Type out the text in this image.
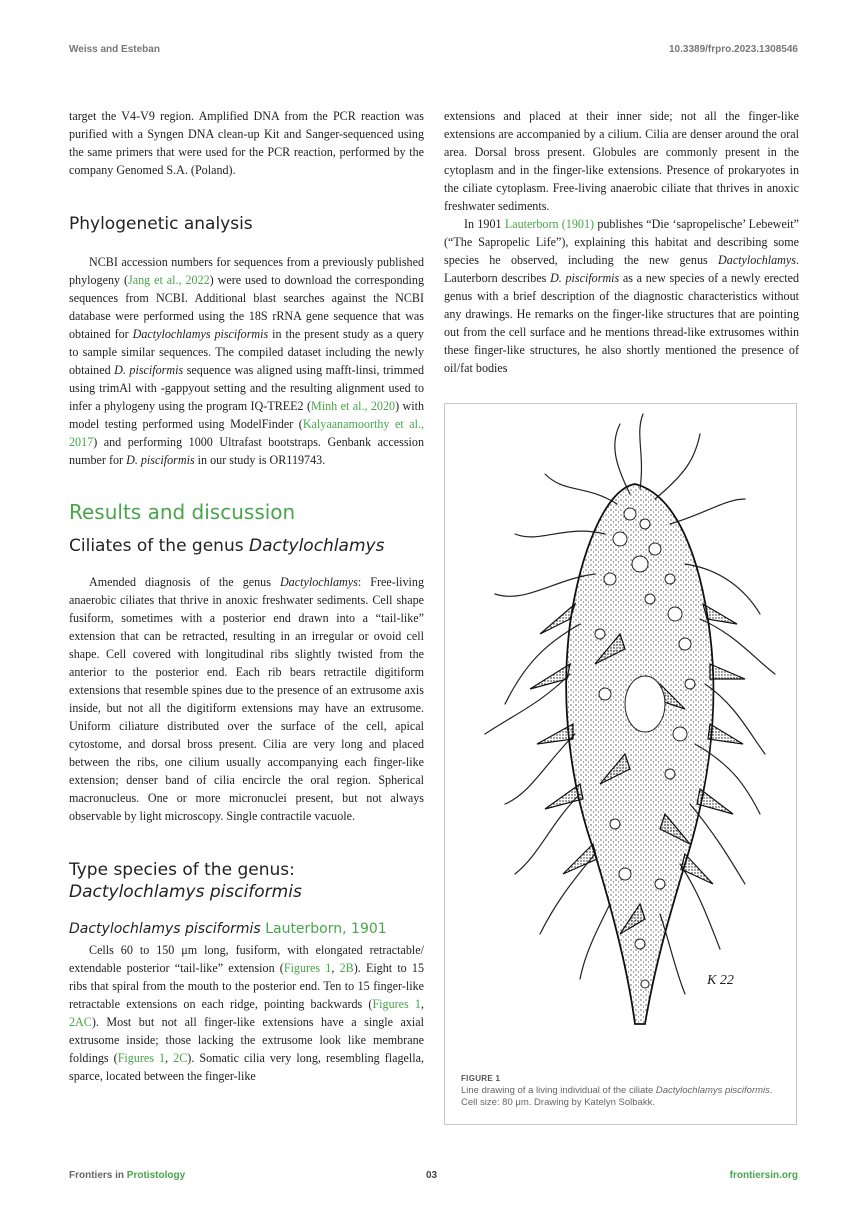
Weiss and Esteban	10.3389/frpro.2023.1308546

target the V4-V9 region. Amplified DNA from the PCR reaction was purified with a Syngen DNA clean-up Kit and Sanger-sequenced using the same primers that were used for the PCR reaction, performed by the company Genomed S.A. (Poland).

Phylogenetic analysis

NCBI accession numbers for sequences from a previously published phylogeny (Jang et al., 2022) were used to download the corresponding sequences from NCBI. Additional blast searches against the NCBI database were performed using the 18S rRNA gene sequence that was obtained for Dactylochlamys pisciformis in the present study as a query to sample similar sequences. The compiled dataset including the newly obtained D. pisciformis sequence was aligned using mafft-linsi, trimmed using trimAl with -gappyout setting and the resulting alignment used to infer a phylogeny using the program IQ-TREE2 (Minh et al., 2020) with model testing performed using ModelFinder (Kalyaanamoorthy et al., 2017) and performing 1000 Ultrafast bootstraps. Genbank accession number for D. pisciformis in our study is OR119743.

Results and discussion
Ciliates of the genus Dactylochlamys

Amended diagnosis of the genus Dactylochlamys: Free-living anaerobic ciliates that thrive in anoxic freshwater sediments. Cell shape fusiform, sometimes with a posterior end drawn into a “tail-like” extension that can be retracted, resulting in an irregular or ovoid cell shape. Cell covered with longitudinal ribs slightly twisted from the anterior to the posterior end. Each rib bears retractile digitiform extensions that resemble spines due to the presence of an extrusome axis inside, but not all the digitiform extensions may have an extrusome. Uniform ciliature distributed over the surface of the cell, apical cytostome, and dorsal bross present. Cilia are very long and placed between the ribs, one cilium usually accompanying each finger-like extension; denser band of cilia encircle the oral region. Spherical macronucleus. One or more micronuclei present, but not always observable by light microscopy. Single contractile vacuole.

Type species of the genus:
Dactylochlamys pisciformis
Dactylochlamys pisciformis Lauterborn, 1901

Cells 60 to 150 μm long, fusiform, with elongated retractable/ extendable posterior “tail-like” extension (Figures 1, 2B). Eight to 15 ribs that spiral from the mouth to the posterior end. Ten to 15 finger-like retractable extensions on each ridge, pointing backwards (Figures 1, 2AC). Most but not all finger-like extensions have a single axial extrusome inside; those lacking the extrusome look like membrane foldings (Figures 1, 2C). Somatic cilia very long, resembling flagella, sparce, located between the finger-like

extensions and placed at their inner side; not all the finger-like extensions are accompanied by a cilium. Cilia are denser around the oral area. Dorsal bross present. Globules are commonly present in the cytoplasm and in the finger-like extensions. Presence of prokaryotes in the ciliate cytoplasm. Free-living anaerobic ciliate that thrives in anoxic freshwater sediments.

In 1901 Lauterborn (1901) publishes “Die ‘sapropelische’ Lebeweit” (“The Sapropelic Life”), explaining this habitat and describing some species he observed, including the new genus Dactylochlamys. Lauterborn describes D. pisciformis as a new species of a newly erected genus with a brief description of the diagnostic characteristics without any drawings. He remarks on the finger-like structures that are pointing out from the cell surface and he mentions thread-like extrusomes within these finger-like structures, he also shortly mentioned the presence of oil/fat bodies

K 22
FIGURE 1
Line drawing of a living individual of the ciliate Dactylochlamys pisciformis. Cell size: 80 μm. Drawing by Katelyn Solbakk.
Frontiers in Protistology	03	frontiersin.org
